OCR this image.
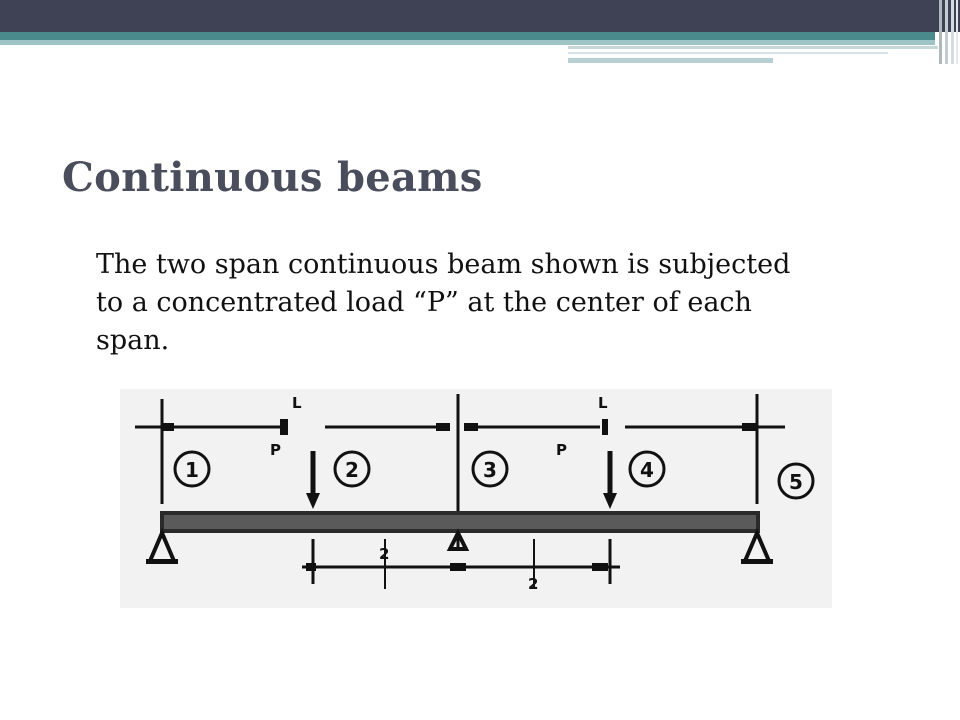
Continuous beams

The two span continuous beam shown is subjected to a concentrated load “P” at the center of each span.

L	L
P	P
1	2	3	4	5
2
2
